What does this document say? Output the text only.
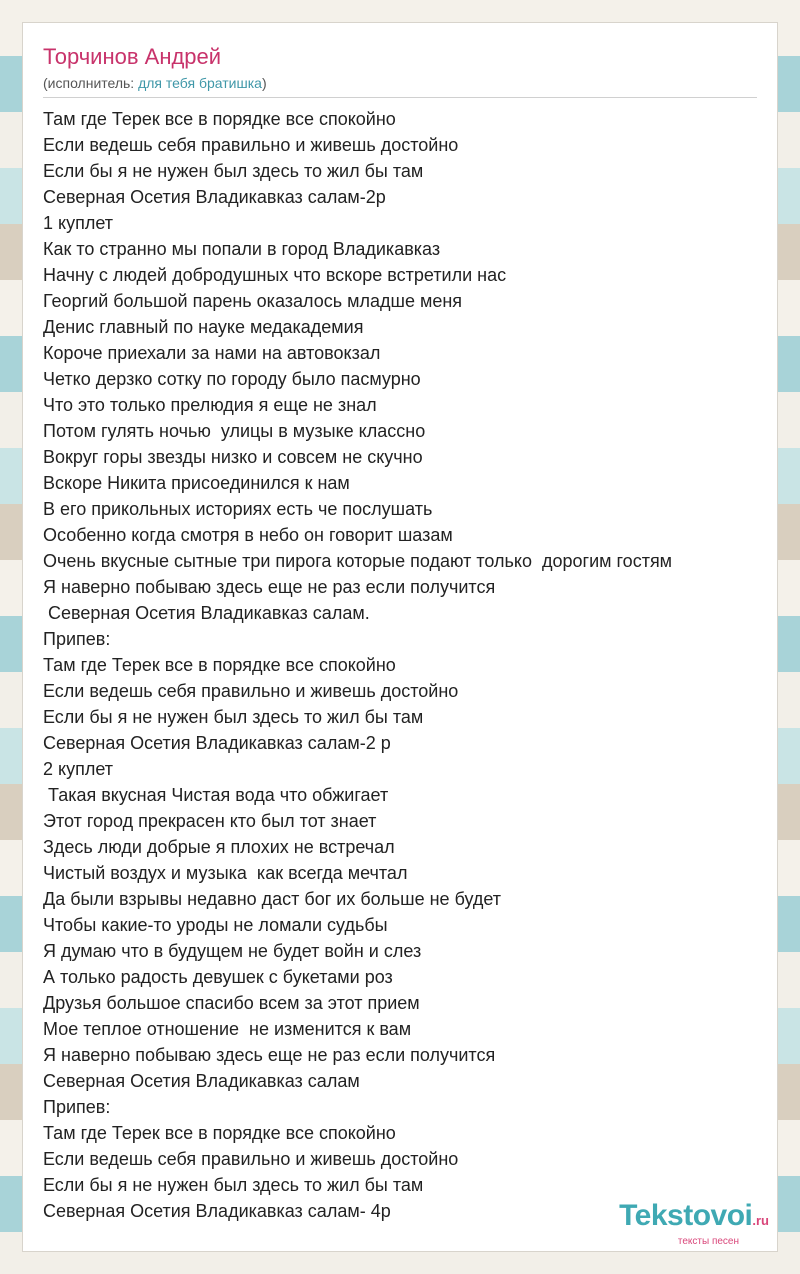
Торчинов Андрей
(исполнитель: для тебя братишка)
Там где Терек все в порядке все спокойно
Если ведешь себя правильно и живешь достойно
Если бы я не нужен был здесь то жил бы там
Северная Осетия Владикавказ салам-2р
1 куплет
Как то странно мы попали в город Владикавказ
Начну с людей добродушных что вскоре встретили нас
Георгий большой парень оказалось младше меня
Денис главный по науке медакадемия
Короче приехали за нами на автовокзал
Четко дерзко сотку по городу было пасмурно
Что это только прелюдия я еще не знал
Потом гулять ночью  улицы в музыке классно
Вокруг горы звезды низко и совсем не скучно
Вскоре Никита присоединился к нам
В его прикольных историях есть че послушать
Особенно когда смотря в небо он говорит шазам
Очень вкусные сытные три пирога которые подают только  дорогим гостям
Я наверно побываю здесь еще не раз если получится
Северная Осетия Владикавказ салам.
Припев:
Там где Терек все в порядке все спокойно
Если ведешь себя правильно и живешь достойно
Если бы я не нужен был здесь то жил бы там
Северная Осетия Владикавказ салам-2 р
2 куплет
Такая вкусная Чистая вода что обжигает
Этот город прекрасен кто был тот знает
Здесь люди добрые я плохих не встречал
Чистый воздух и музыка  как всегда мечтал
Да были взрывы недавно даст бог их больше не будет
Чтобы какие-то уроды не ломали судьбы
Я думаю что в будущем не будет войн и слез
А только радость девушек с букетами роз
Друзья большое спасибо всем за этот прием
Мое теплое отношение  не изменится к вам
Я наверно побываю здесь еще не раз если получится
Северная Осетия Владикавказ салам
Припев:
Там где Терек все в порядке все спокойно
Если ведешь себя правильно и живешь достойно
Если бы я не нужен был здесь то жил бы там
Северная Осетия Владикавказ салам- 4р	Tekstovoi.ru
тексты песен
